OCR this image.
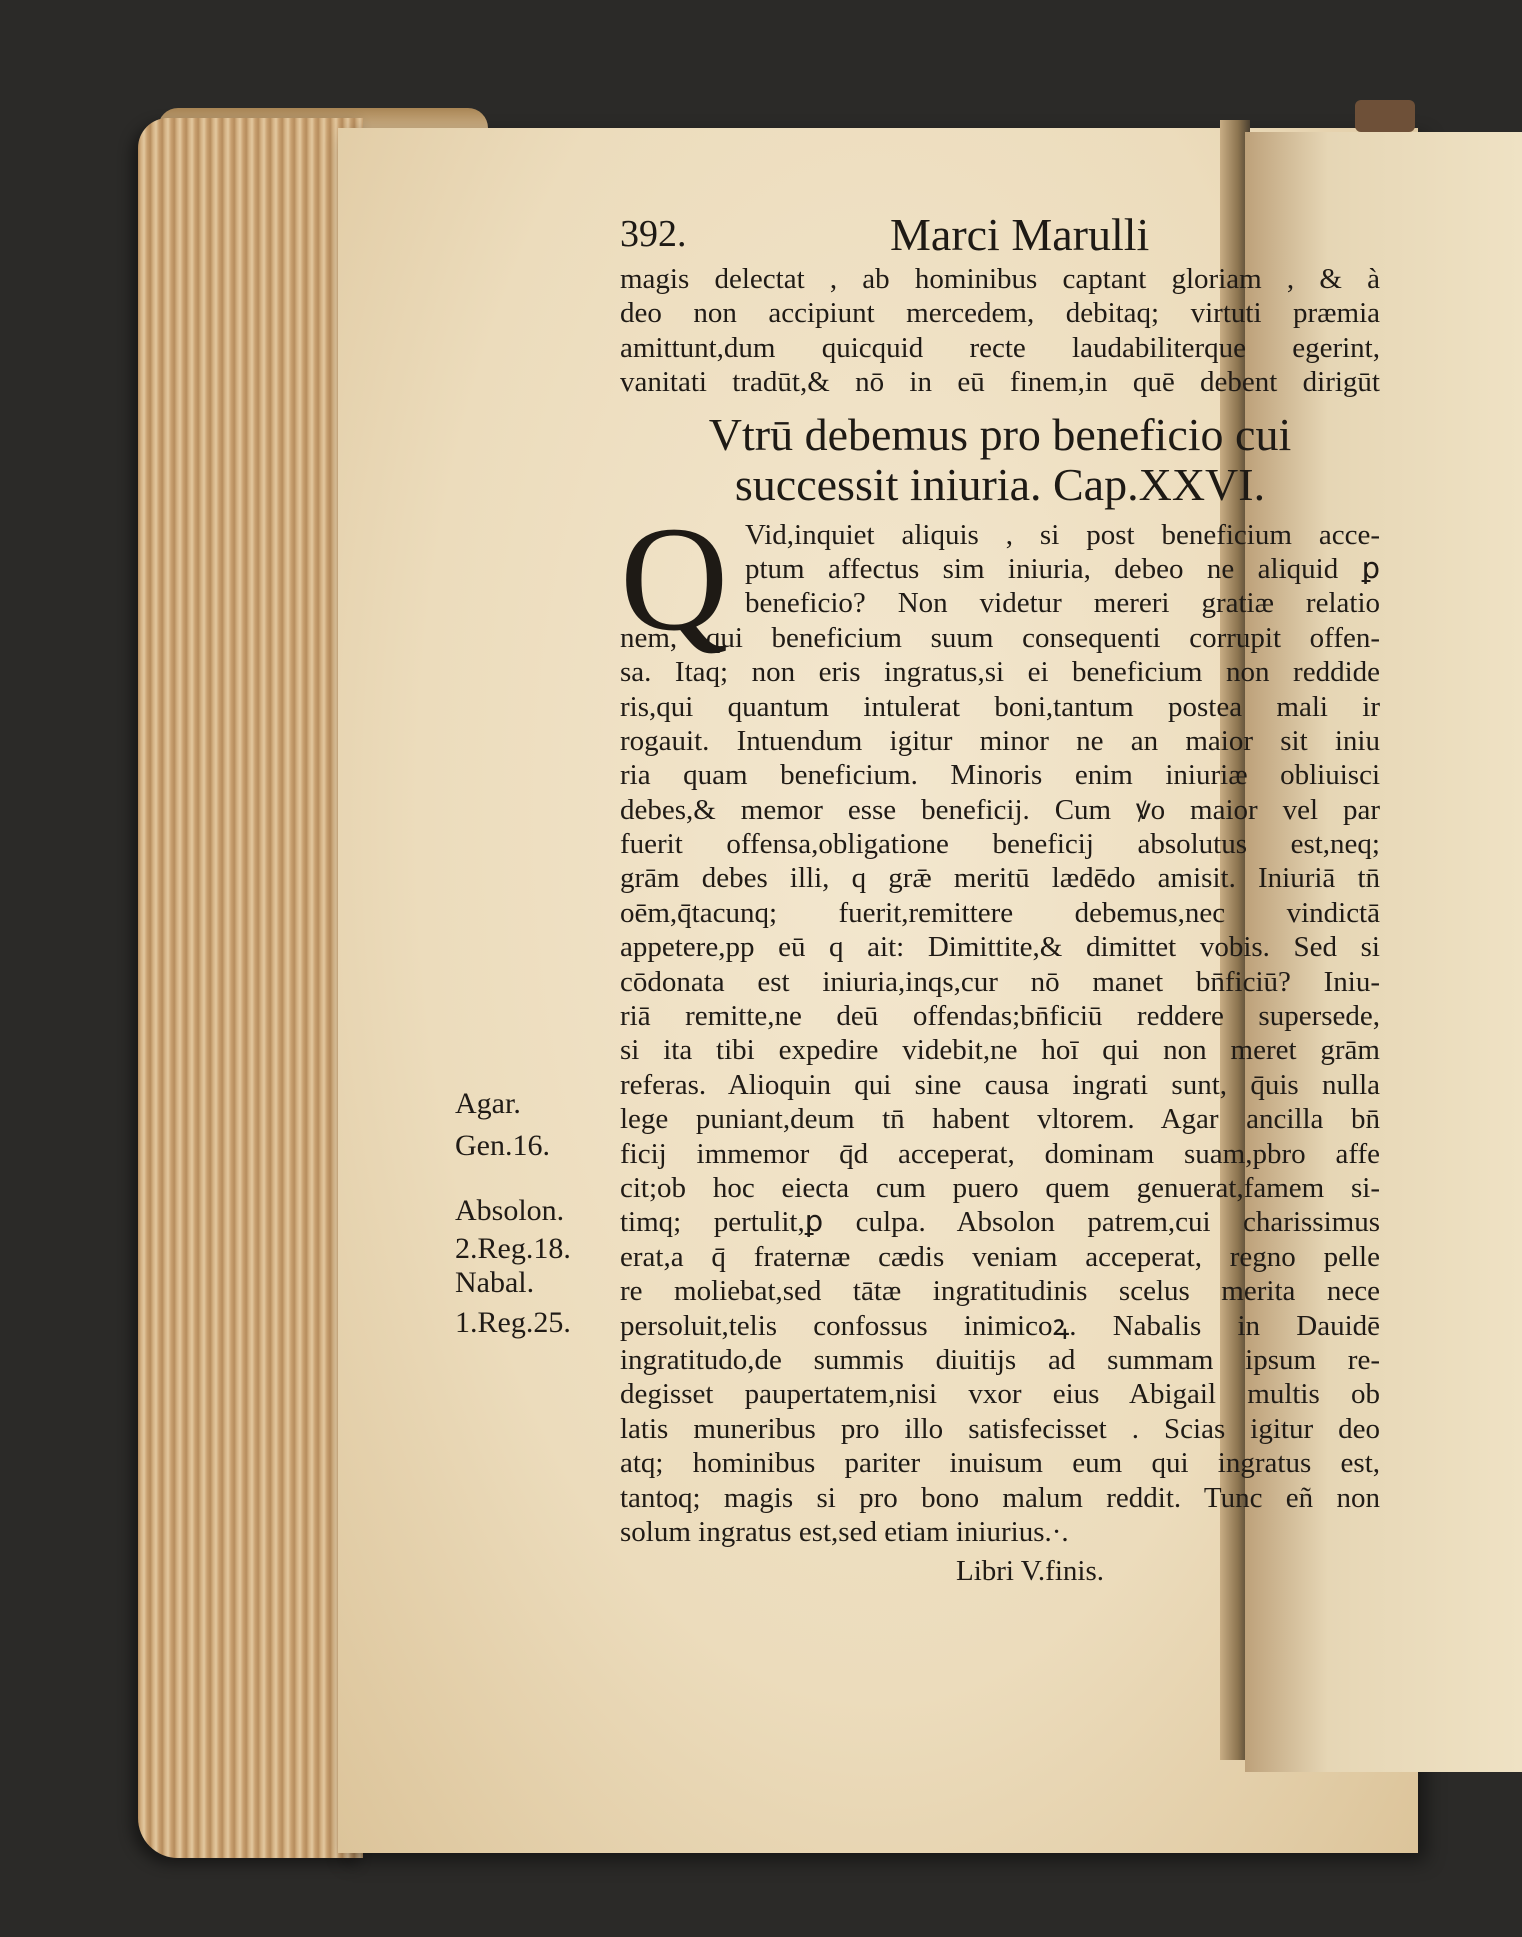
392.	Marci Marulli
magis delectat , ab hominibus captant gloriam , & à
deo non accipiunt mercedem, debitaq; virtuti præmia
amittunt,dum quicquid recte laudabiliterque egerint,
vanitati tradūt,& nō in eū finem,in quē debent dirigūt
Vtrū debemus pro beneficio cui
successit iniuria. Cap.XXVI.
Q Vid,inquiet aliquis , si post beneficium acce-
ptum affectus sim iniuria, debeo ne aliquid ꝑ
beneficio? Non videtur mereri gratiæ relatio
nem, qui beneficium suum consequenti corrupit offen-
sa. Itaq; non eris ingratus,si ei beneficium non reddide
ris,qui quantum intulerat boni,tantum postea mali ir
rogauit. Intuendum igitur minor ne an maior sit iniu
ria quam beneficium. Minoris enim iniuriæ obliuisci
debes,& memor esse beneficij. Cum ꝟo maior vel par
fuerit offensa,obligatione beneficij absolutus est,neq;
grām debes illi, q grǣ meritū lædēdo amisit. Iniuriā tn̄
oēm,q̄tacunq; fuerit,remittere debemus,nec vindictā
appetere,pp eū q ait: Dimittite,& dimittet vobis. Sed si
cōdonata est iniuria,inqs,cur nō manet bn̄ficiū? Iniu-
riā remitte,ne deū offendas;bn̄ficiū reddere supersede,
si ita tibi expedire videbit,ne hoī qui non meret grām
referas. Alioquin qui sine causa ingrati sunt, q̄uis nulla
lege puniant,deum tn̄ habent vltorem. Agar ancilla bn̄
ficij immemor q̄d acceperat, dominam suam,pbro affe
cit;ob hoc eiecta cum puero quem genuerat,famem si-
timq; pertulit,ꝑ culpa. Absolon patrem,cui charissimus
erat,a q̄ fraternæ cædis veniam acceperat, regno pelle
re moliebat,sed tātæ ingratitudinis scelus merita nece
persoluit,telis confossus inimicoꝝ. Nabalis in Dauidē
ingratitudo,de summis diuitijs ad summam ipsum re-
degisset paupertatem,nisi vxor eius Abigail multis ob
latis muneribus pro illo satisfecisset . Scias igitur deo
atq; hominibus pariter inuisum eum qui ingratus est,
tantoq; magis si pro bono malum reddit. Tunc eñ non
solum ingratus est,sed etiam iniurius.·.
Libri V.finis.
Agar.
Gen.16.
Absolon.
2.Reg.18.
Nabal.
1.Reg.25.
